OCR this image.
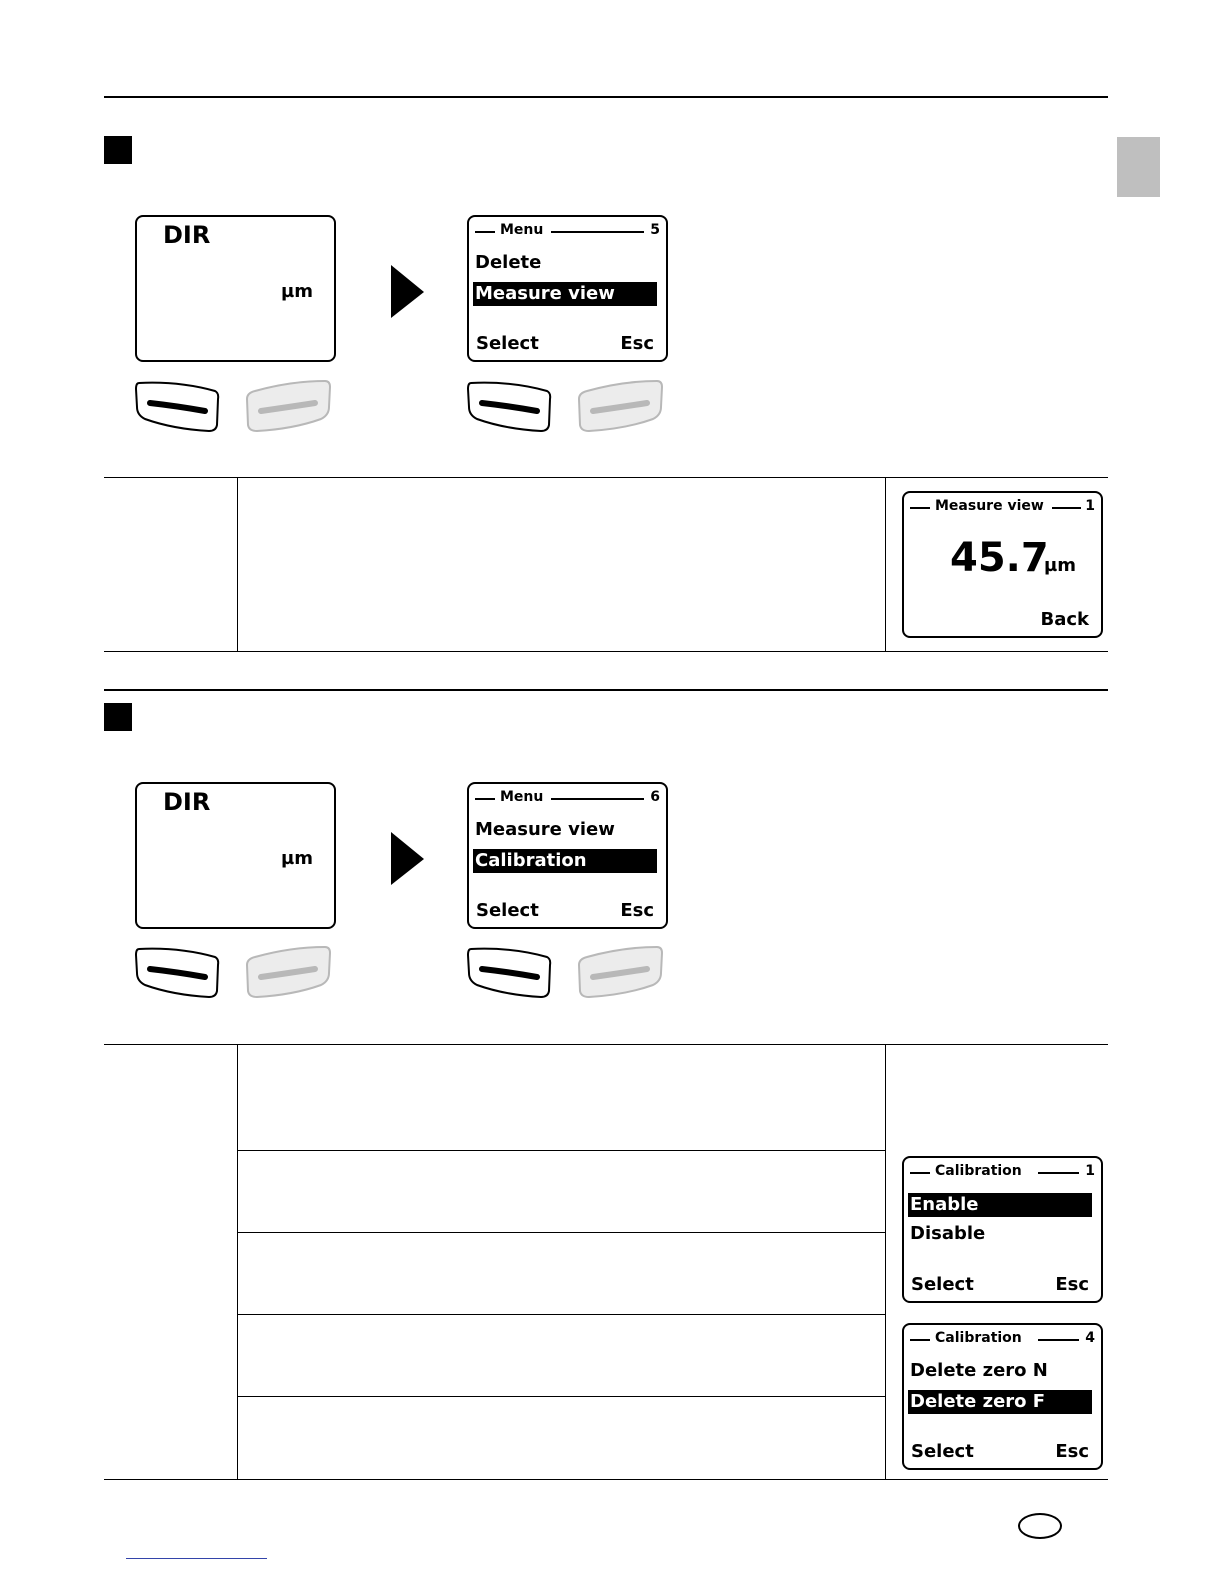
DIR
µm
Menu	5
Delete
Measure view
Select	Esc
Measure view	1
45.7
µm
Back
DIR
µm
Menu	6
Measure view
Calibration
Select	Esc
Calibration	1
Enable
Disable
Select	Esc
Calibration	4
Delete zero N
Delete zero F
Select	Esc
